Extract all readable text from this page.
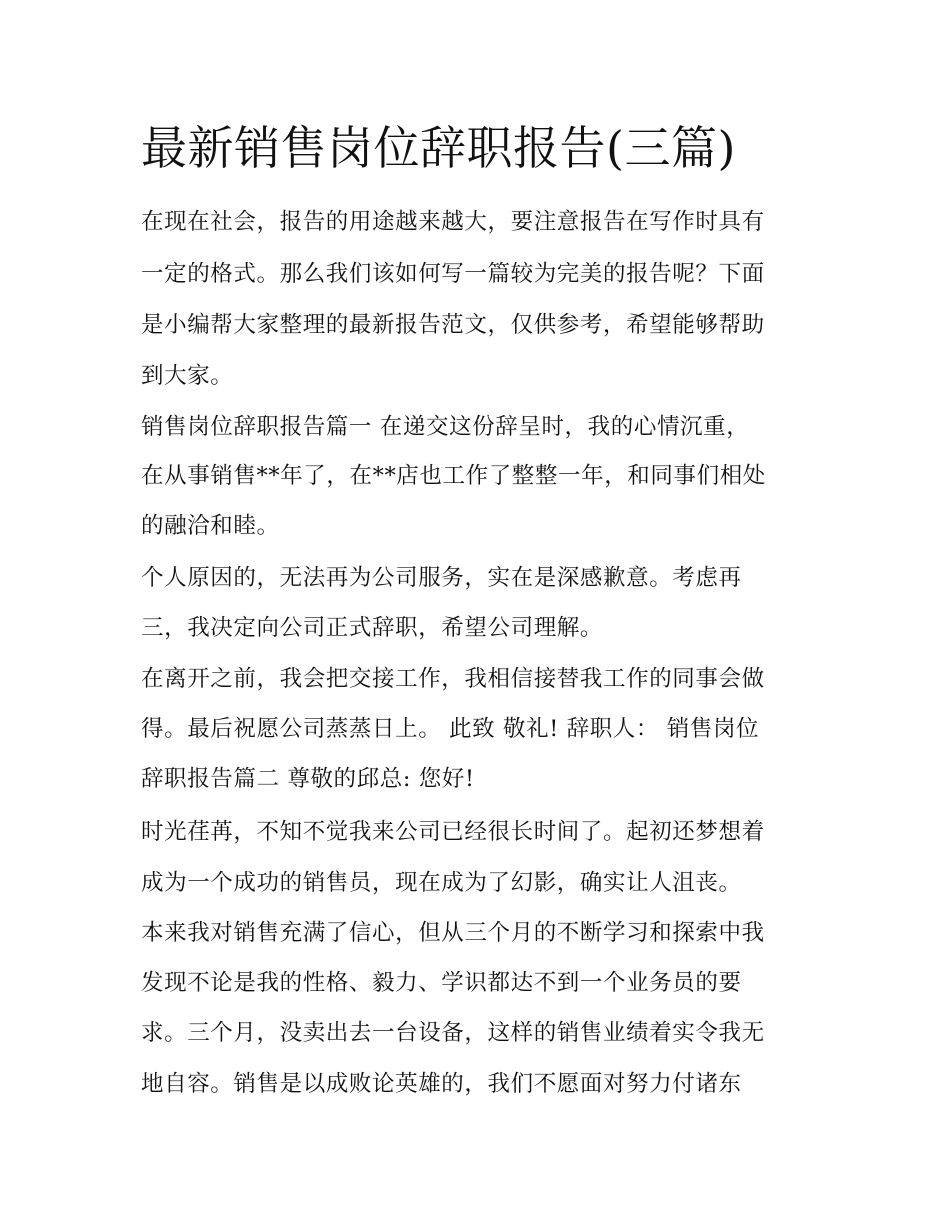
最新销售岗位辞职报告(三篇)
在现在社会，报告的用途越来越大，要注意报告在写作时具有
一定的格式。那么我们该如何写一篇较为完美的报告呢？下面
是小编帮大家整理的最新报告范文，仅供参考，希望能够帮助
到大家。
销售岗位辞职报告篇一 在递交这份辞呈时，我的心情沉重，
在从事销售**年了，在**店也工作了整整一年，和同事们相处
的融洽和睦。
个人原因的，无法再为公司服务，实在是深感歉意。考虑再
三，我决定向公司正式辞职，希望公司理解。
在离开之前，我会把交接工作，我相信接替我工作的同事会做
得。最后祝愿公司蒸蒸日上。 此致 敬礼! 辞职人： 销售岗位
辞职报告篇二 尊敬的邱总: 您好!
时光荏苒，不知不觉我来公司已经很长时间了。起初还梦想着
成为一个成功的销售员，现在成为了幻影，确实让人沮丧。
本来我对销售充满了信心，但从三个月的不断学习和探索中我
发现不论是我的性格、毅力、学识都达不到一个业务员的要
求。三个月，没卖出去一台设备，这样的销售业绩着实令我无
地自容。销售是以成败论英雄的，我们不愿面对努力付诸东
